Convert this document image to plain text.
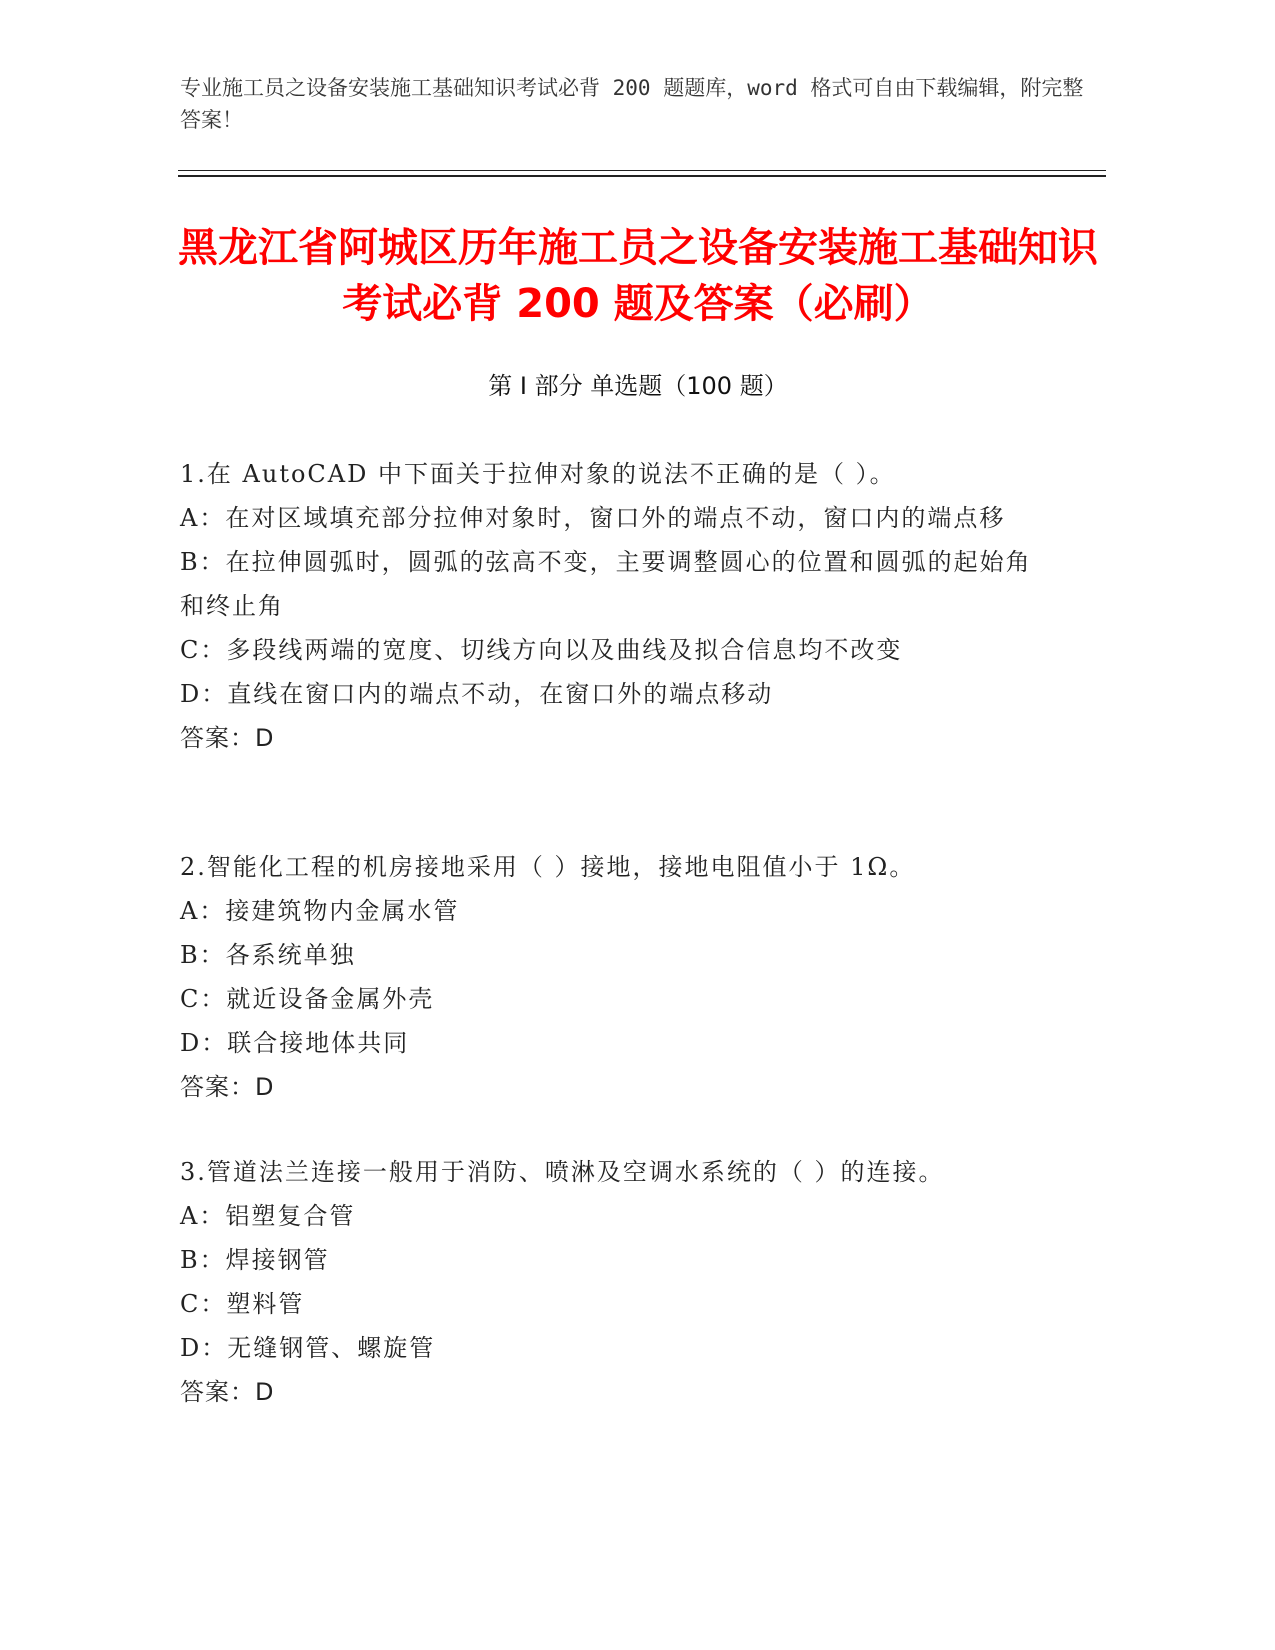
专业施工员之设备安装施工基础知识考试必背 200 题题库，word 格式可自由下载编辑，附完整答案！
黑龙江省阿城区历年施工员之设备安装施工基础知识考试必背 200 题及答案（必刷）
第 I 部分 单选题（100 题）

1.在 AutoCAD 中下面关于拉伸对象的说法不正确的是（ ）。

A：在对区域填充部分拉伸对象时，窗口外的端点不动，窗口内的端点移

B：在拉伸圆弧时，圆弧的弦高不变，主要调整圆心的位置和圆弧的起始角和终止角

C：多段线两端的宽度、切线方向以及曲线及拟合信息均不改变

D：直线在窗口内的端点不动，在窗口外的端点移动

答案：D

2.智能化工程的机房接地采用（ ）接地，接地电阻值小于 1Ω。

A：接建筑物内金属水管

B：各系统单独

C：就近设备金属外壳

D：联合接地体共同

答案：D

3.管道法兰连接一般用于消防、喷淋及空调水系统的（ ）的连接。

A：铝塑复合管

B：焊接钢管

C：塑料管

D：无缝钢管、螺旋管

答案：D
